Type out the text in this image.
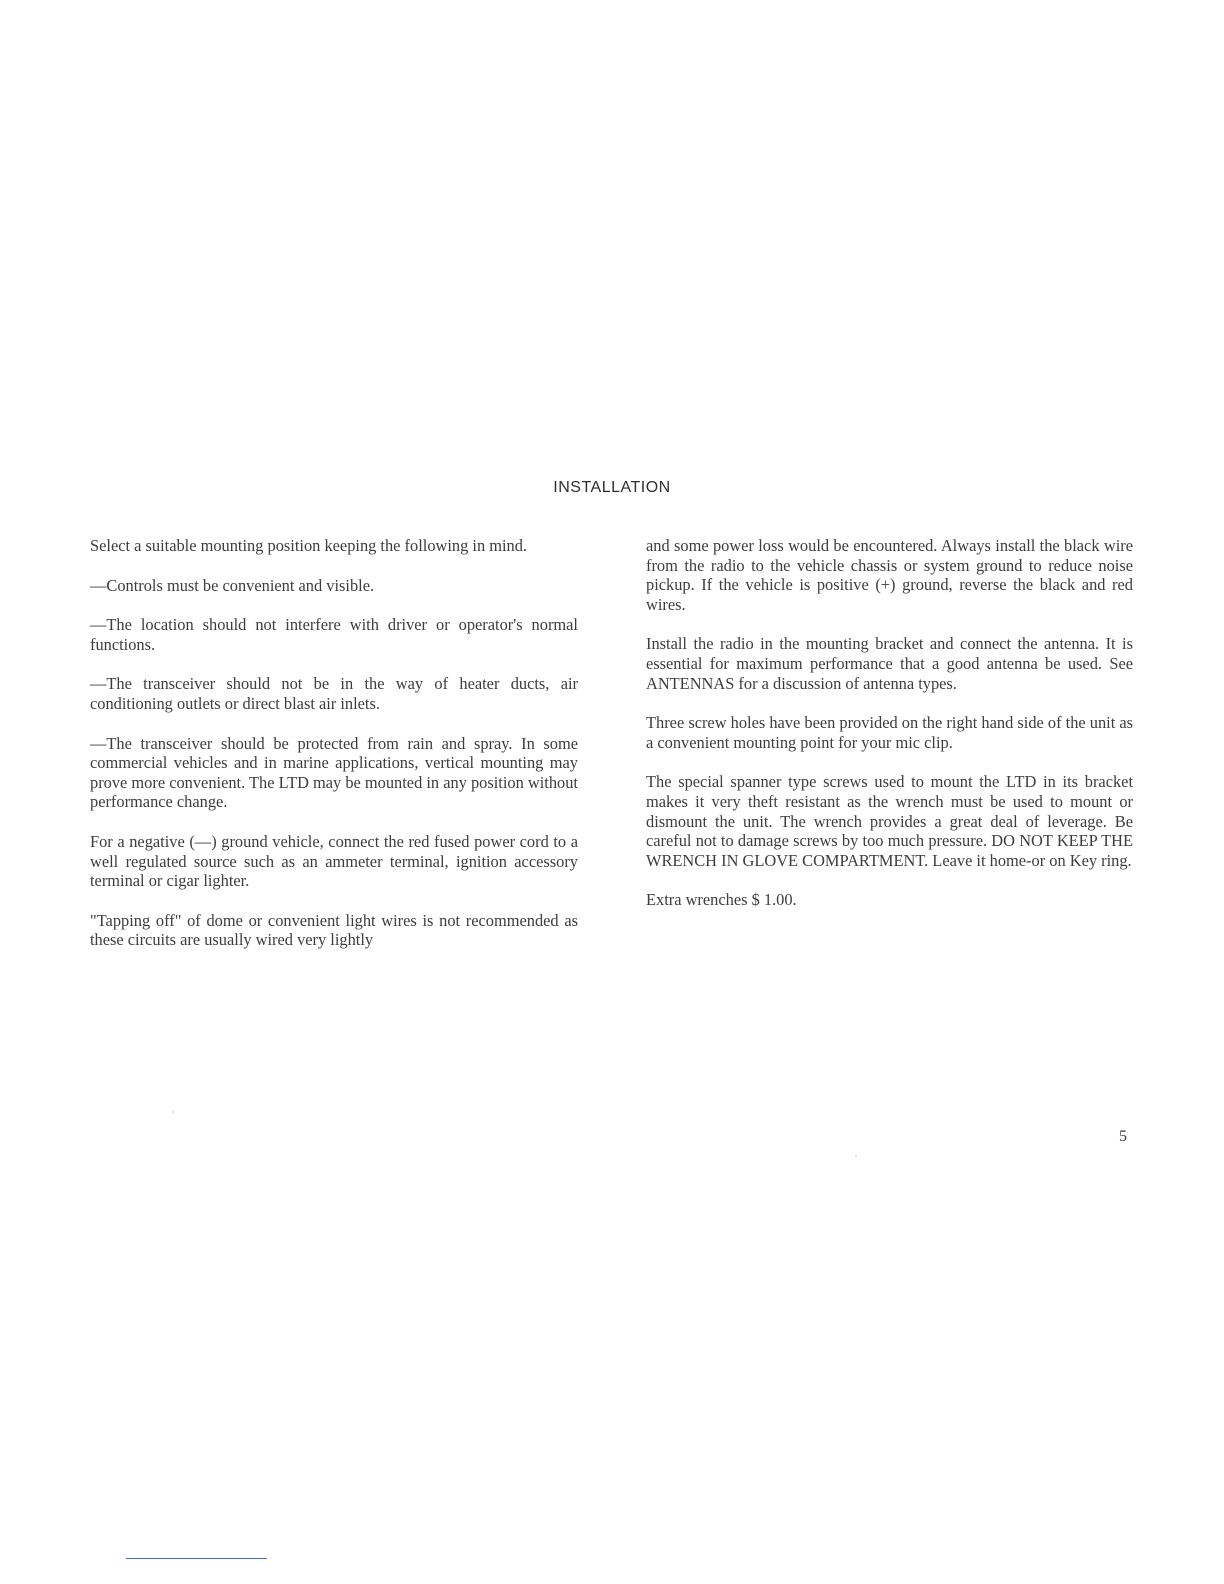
INSTALLATION

Select a suitable mounting position keeping the following in mind.

—Controls must be convenient and visible.

—The location should not interfere with driver or operator's normal functions.

—The transceiver should not be in the way of heater ducts, air conditioning outlets or direct blast air inlets.

—The transceiver should be protected from rain and spray. In some commercial vehicles and in marine applications, vertical mounting may prove more convenient. The LTD may be mounted in any position without performance change.

For a negative (—) ground vehicle, connect the red fused power cord to a well regulated source such as an ammeter terminal, ignition accessory terminal or cigar lighter.

"Tapping off" of dome or convenient light wires is not recommended as these circuits are usually wired very lightly

and some power loss would be encountered. Always install the black wire from the radio to the vehicle chassis or system ground to reduce noise pickup. If the vehicle is positive (+) ground, reverse the black and red wires.

Install the radio in the mounting bracket and connect the antenna. It is essential for maximum performance that a good antenna be used. See ANTENNAS for a discussion of antenna types.

Three screw holes have been provided on the right hand side of the unit as a convenient mounting point for your mic clip.

The special spanner type screws used to mount the LTD in its bracket makes it very theft resistant as the wrench must be used to mount or dismount the unit. The wrench provides a great deal of leverage. Be careful not to damage screws by too much pressure. DO NOT KEEP THE WRENCH IN GLOVE COMPARTMENT. Leave it home-or on Key ring.

Extra wrenches $ 1.00.

5
